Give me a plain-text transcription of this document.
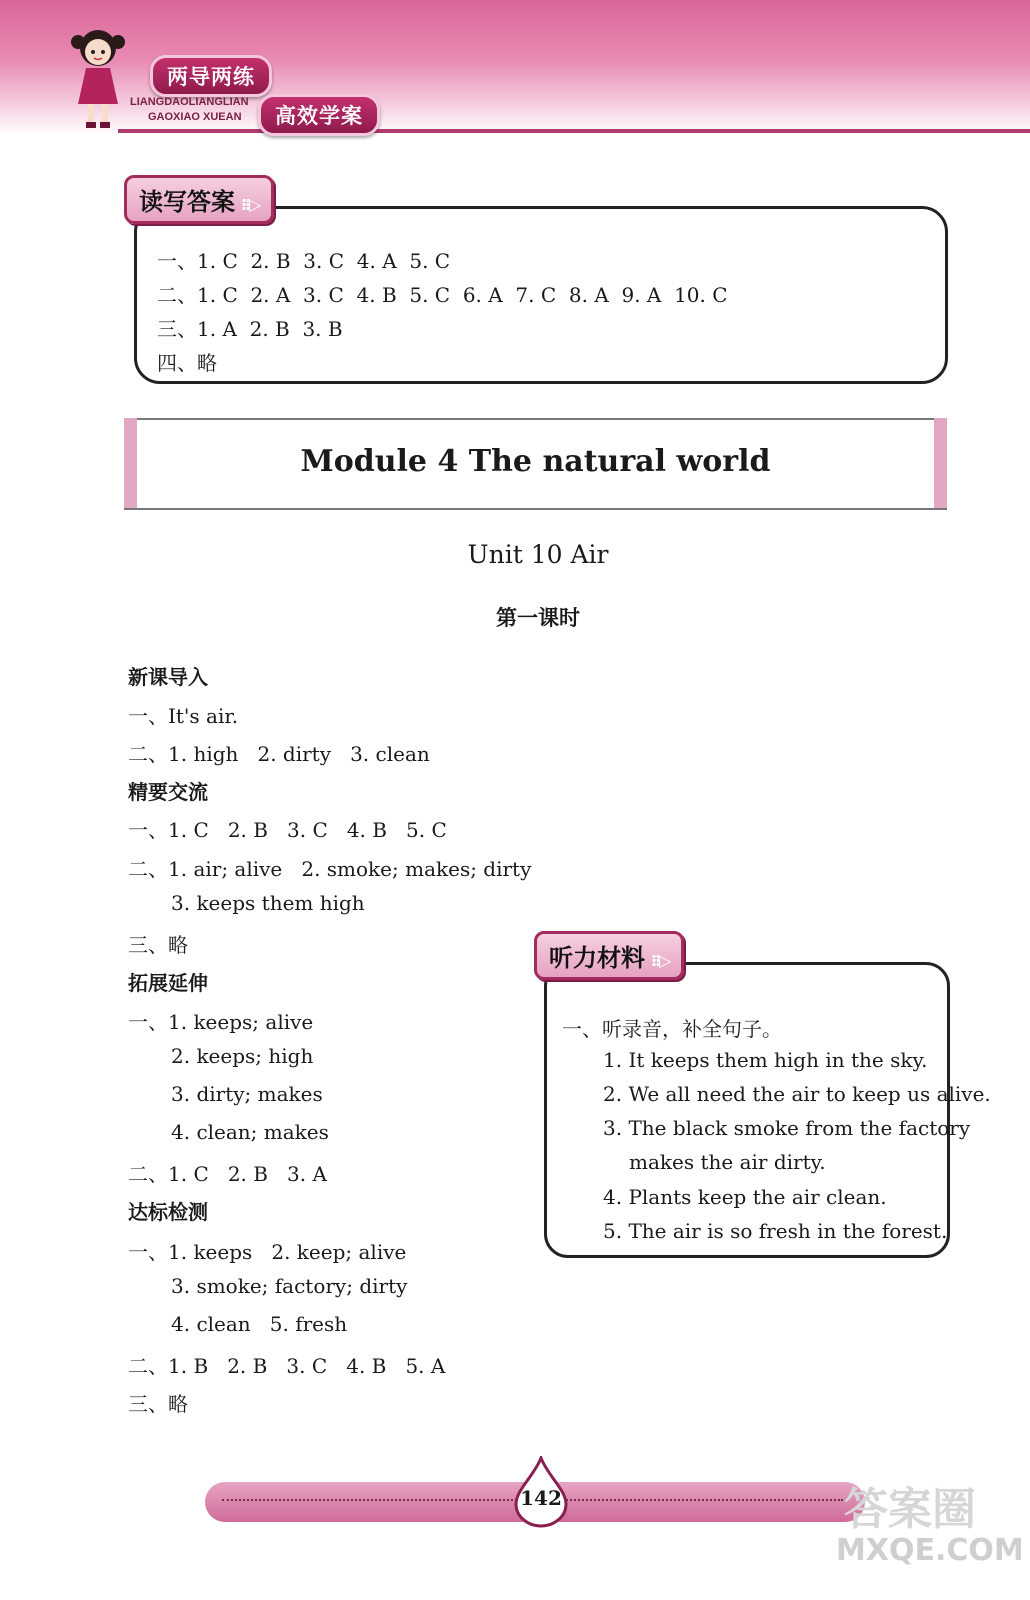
两导两练
高效学案
LIANGDAOLIANGLIAN
GAOXIAO XUEAN
读写答案 ⁝⁝▷
一、1. C  2. B  3. C  4. A  5. C
二、1. C  2. A  3. C  4. B  5. C  6. A  7. C  8. A  9. A  10. C
三、1. A  2. B  3. B
四、略
Module 4 The natural world
Unit 10 Air
第一课时
新课导入
一、It's air.
二、1. high   2. dirty   3. clean
精要交流
一、1. C   2. B   3. C   4. B   5. C
二、1. air; alive   2. smoke; makes; dirty
3. keeps them high
三、略
拓展延伸
一、1. keeps; alive
2. keeps; high
3. dirty; makes
4. clean; makes
二、1. C   2. B   3. A
达标检测
一、1. keeps   2. keep; alive
3. smoke; factory; dirty
4. clean   5. fresh
二、1. B   2. B   3. C   4. B   5. A
三、略
听力材料 ⁝⁝▷
一、听录音，补全句子。
1. It keeps them high in the sky.
2. We all need the air to keep us alive.
3. The black smoke from the factory
makes the air dirty.
4. Plants keep the air clean.
5. The air is so fresh in the forest.
142	答案圈
MXQE.COM
